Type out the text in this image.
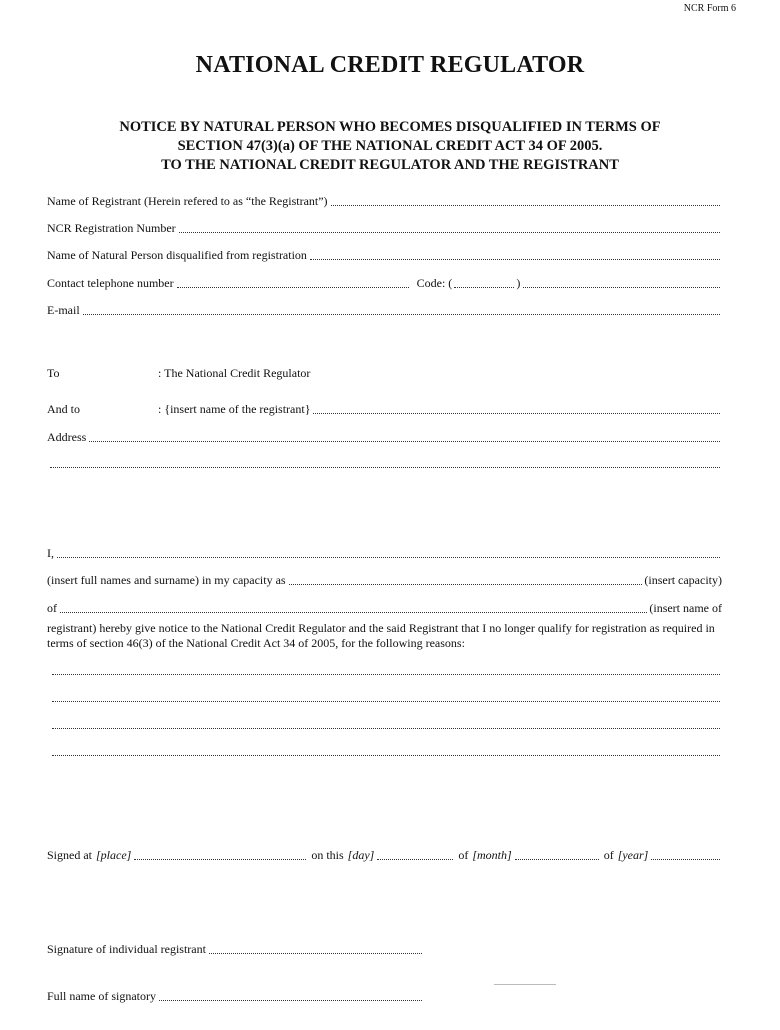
NCR Form 6
NATIONAL CREDIT REGULATOR
NOTICE BY NATURAL PERSON WHO BECOMES DISQUALIFIED IN TERMS OF
SECTION 47(3)(a) OF THE NATIONAL CREDIT ACT 34 OF 2005.
TO THE NATIONAL CREDIT REGULATOR AND THE REGISTRANT
Name of Registrant (Herein refered to as “the Registrant”)
NCR Registration Number
Name of Natural Person disqualified from registration
Contact telephone number	Code: (	)
E-mail
To	: The National Credit Regulator
And to	: {insert name of the registrant}
Address
I,
(insert full names and surname) in my capacity as	(insert capacity)
of	(insert name of
registrant) hereby give notice to the National Credit Regulator and the said Registrant that I no longer qualify for registration as required in terms of section 46(3) of the National Credit Act 34 of 2005, for the following reasons:
Signed at [place]	on this [day]	of [month]	of [year]
Signature of individual registrant
Full name of signatory
